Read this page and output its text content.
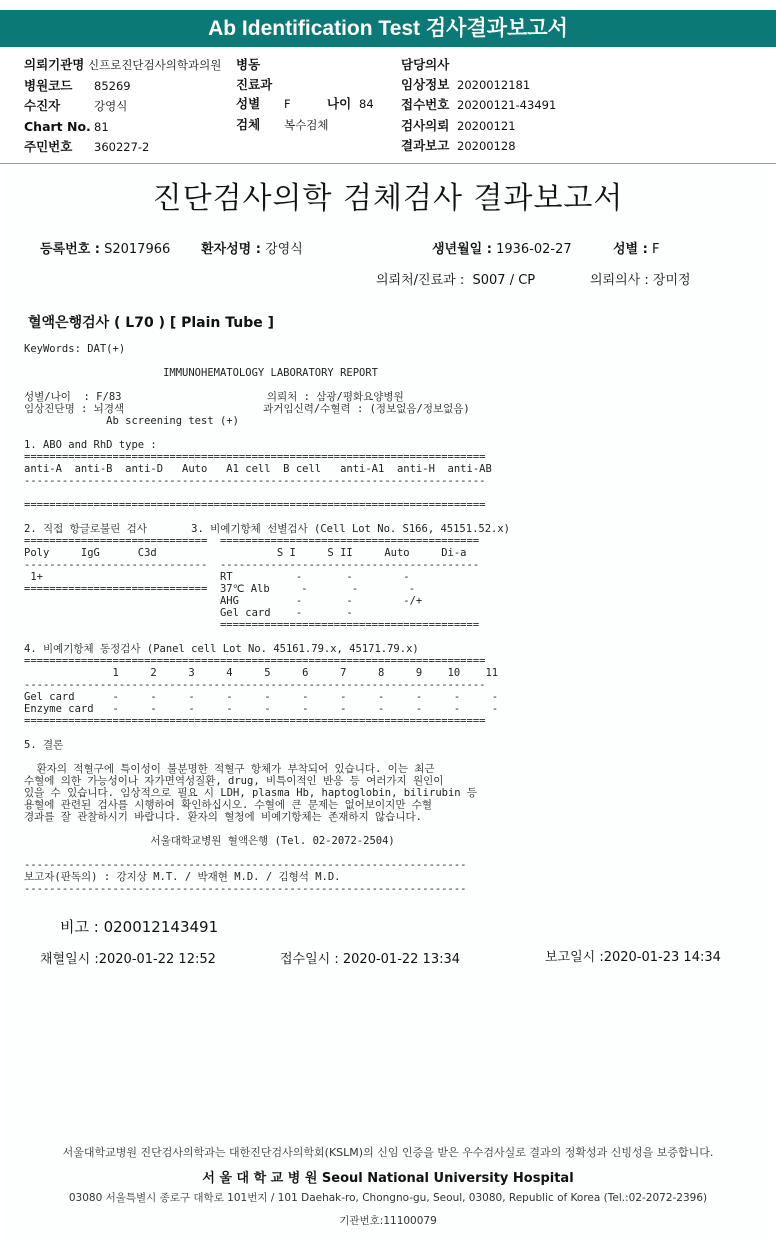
Ab Identification Test 검사결과보고서
의뢰기관명 신프로진단검사의학과의원
병원코드 85269
수진자	강영식
Chart No. 81
주민번호 360227-2
병동
진료과
성별 F	나이 84
검체 복수검체
담당의사
임상정보 2020012181
접수번호 20200121-43491
검사의뢰 20200121
결과보고 20200128
진단검사의학 검체검사 결과보고서
등록번호 : S2017966 환자성명 : 강영식	생년월일 : 1936-02-27	성별 : F
의뢰처/진료과 : S007 / CP	의뢰의사 : 장미정
혈액은행검사 ( L70 ) [ Plain Tube ]
KeyWords: DAT(+)

IMMUNOHEMATOLOGY LABORATORY REPORT

성별/나이  : F/83                       의뢰처 : 삼광/평화요양병원
임상진단명 : 뇌경색                      과거임신력/수혈력 : (정보없음/정보없음)
Ab screening test (+)

1. ABO and RhD type :
=========================================================================
anti-A  anti-B  anti-D   Auto   A1 cell  B cell   anti-A1  anti-H  anti-AB
-------------------------------------------------------------------------

=========================================================================

2. 직접 항글로불린 검사       3. 비예기항체 선별검사 (Cell Lot No. S166, 45151.52.x)
=============================  =========================================
Poly     IgG      C3d                   S I     S II     Auto     Di-a
-----------------------------  -----------------------------------------
1+                            RT          -       -        -
=============================  37℃ Alb     -       -        -
AHG         -       -        -/+
Gel card    -       -
=========================================

4. 비예기항체 동정검사 (Panel cell Lot No. 45161.79.x, 45171.79.x)
=========================================================================
1     2     3     4     5     6     7     8     9    10    11
-------------------------------------------------------------------------
Gel card      -     -     -     -     -     -     -     -     -     -     -
Enzyme card   -     -     -     -     -     -     -     -     -     -     -
=========================================================================

5. 결론

환자의 적혈구에 특이성이 불분명한 적혈구 항체가 부착되어 있습니다. 이는 최근
수혈에 의한 가능성이나 자가면역성질환, drug, 비특이적인 반응 등 여러가지 원인이
있을 수 있습니다. 임상적으로 필요 시 LDH, plasma Hb, haptoglobin, bilirubin 등
용혈에 관련된 검사를 시행하여 확인하십시오. 수혈에 큰 문제는 없어보이지만 수혈
경과를 잘 관찰하시기 바랍니다. 환자의 혈청에 비예기항체는 존재하지 않습니다.

서울대학교병원 혈액은행 (Tel. 02-2072-2504)

----------------------------------------------------------------------
보고자(판독의) : 강지상 M.T. / 박재현 M.D. / 김형석 M.D.
----------------------------------------------------------------------
비고 : 020012143491
채혈일시 :2020-01-22 12:52	접수일시 : 2020-01-22 13:34	보고일시 :2020-01-23 14:34
서울대학교병원 진단검사의학과는 대한진단검사의학회(KSLM)의 신임 인증을 받은 우수검사실로 결과의 정확성과 신빙성을 보증합니다.
서 울 대 학 교 병 원 Seoul National University Hospital
03080 서울특별시 종로구 대학로 101번지 / 101 Daehak-ro, Chongno-gu, Seoul, 03080, Republic of Korea (Tel.:02-2072-2396)
기관번호:11100079
